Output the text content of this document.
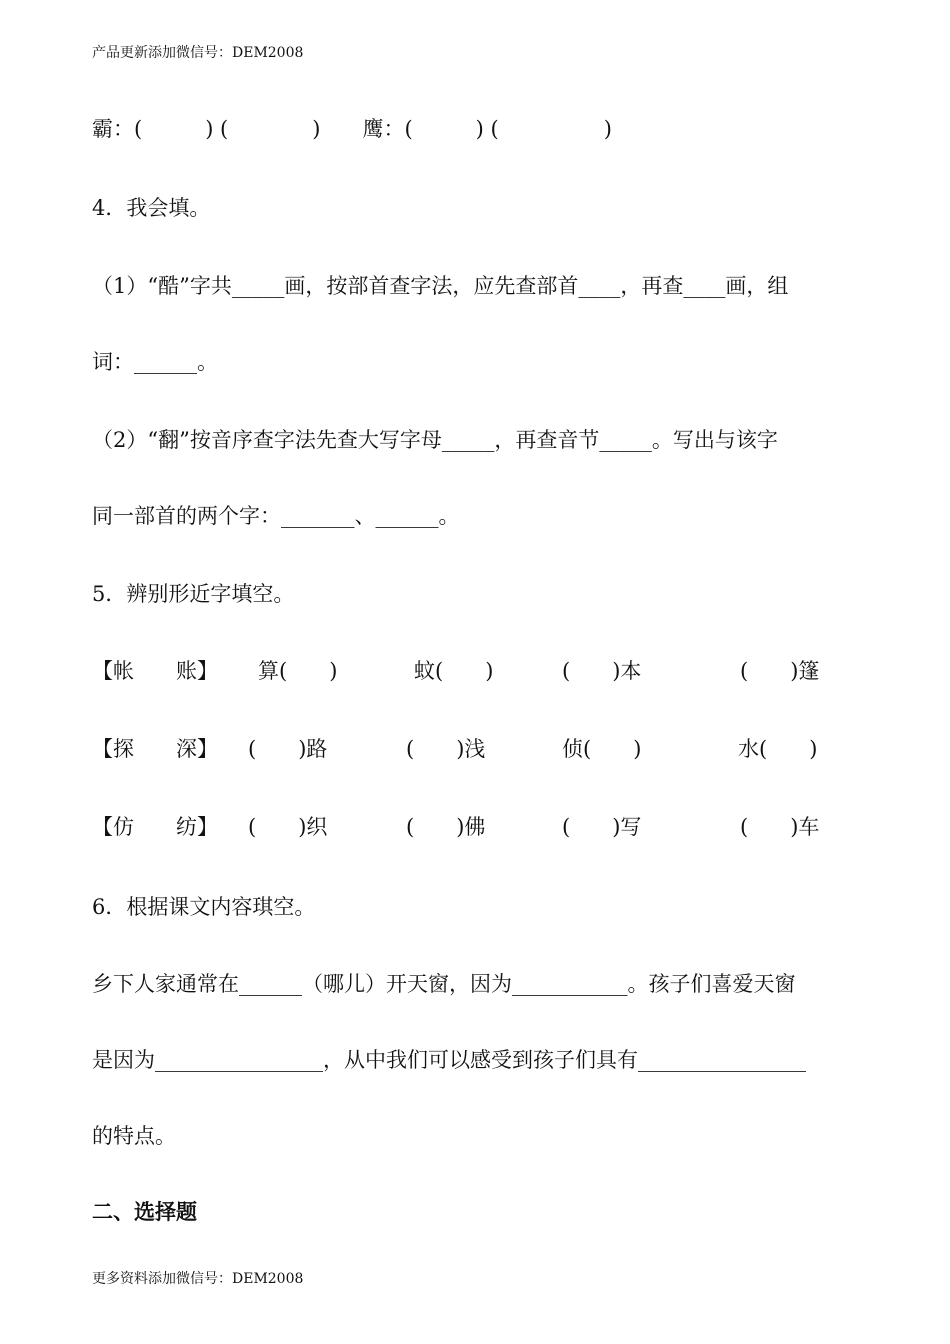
产品更新添加微信号：DEM2008
霸：(　　　) (　　　　)　　鹰：(　　　) (　　　　　)
4．我会填。
（1）“酷”字共_____画，按部首查字法，应先查部首____，再查____画，组
词：______。
（2）“翻”按音序查字法先查大写字母_____，再查音节_____。写出与该字
同一部首的两个字：_______、______。
5．辨别形近字填空。
【帐　　账】 算(　　)	蚊(　　)	(　　)本	(　　)篷
【探　　深】 (　　)路	(　　)浅	侦(　　)	水(　　)
【仿　　纺】 (　　)织	(　　)佛	(　　)写	(　　)车
6．根据课文内容琪空。
乡下人家通常在______（哪儿）开天窗，因为___________。孩子们喜爱天窗
是因为________________，从中我们可以感受到孩子们具有________________
的特点。
二、选择题
更多资料添加微信号：DEM2008
